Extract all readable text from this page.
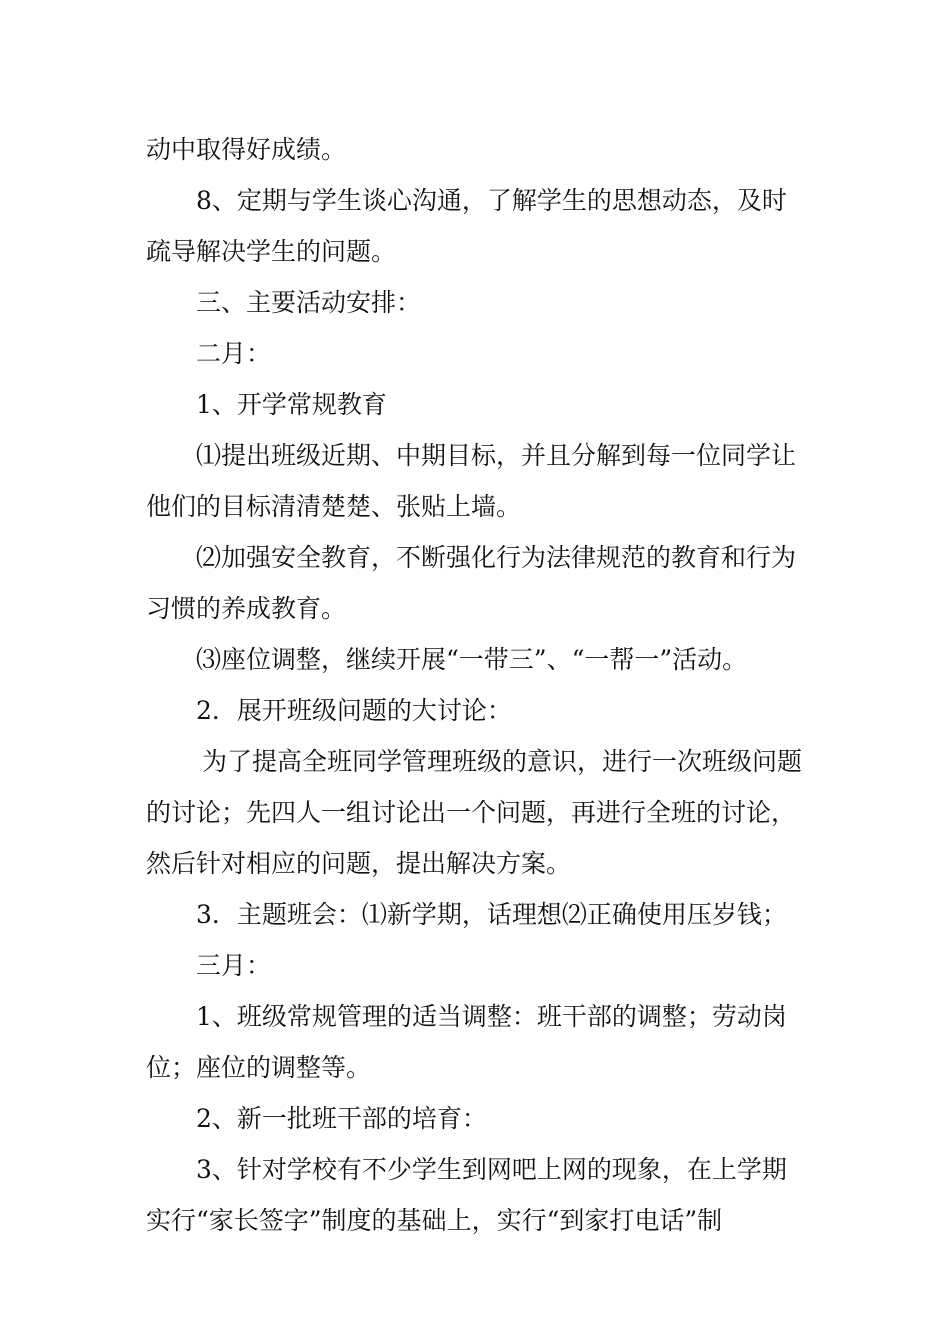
动中取得好成绩。

8、定期与学生谈心沟通，了解学生的思想动态，及时疏导解决学生的问题。

三、主要活动安排：

二月：

1、开学常规教育

⑴提出班级近期、中期目标，并且分解到每一位同学让他们的目标清清楚楚、张贴上墙。

⑵加强安全教育，不断强化行为法律规范的教育和行为习惯的养成教育。

⑶座位调整，继续开展“一带三”、“一帮一”活动。

2．展开班级问题的大讨论：

为了提高全班同学管理班级的意识，进行一次班级问题的讨论；先四人一组讨论出一个问题，再进行全班的讨论，然后针对相应的问题，提出解决方案。

3．主题班会：⑴新学期，话理想⑵正确使用压岁钱；

三月：

1、班级常规管理的适当调整：班干部的调整；劳动岗位；座位的调整等。

2、新一批班干部的培育：

3、针对学校有不少学生到网吧上网的现象，在上学期实行“家长签字”制度的基础上，实行“到家打电话”制
